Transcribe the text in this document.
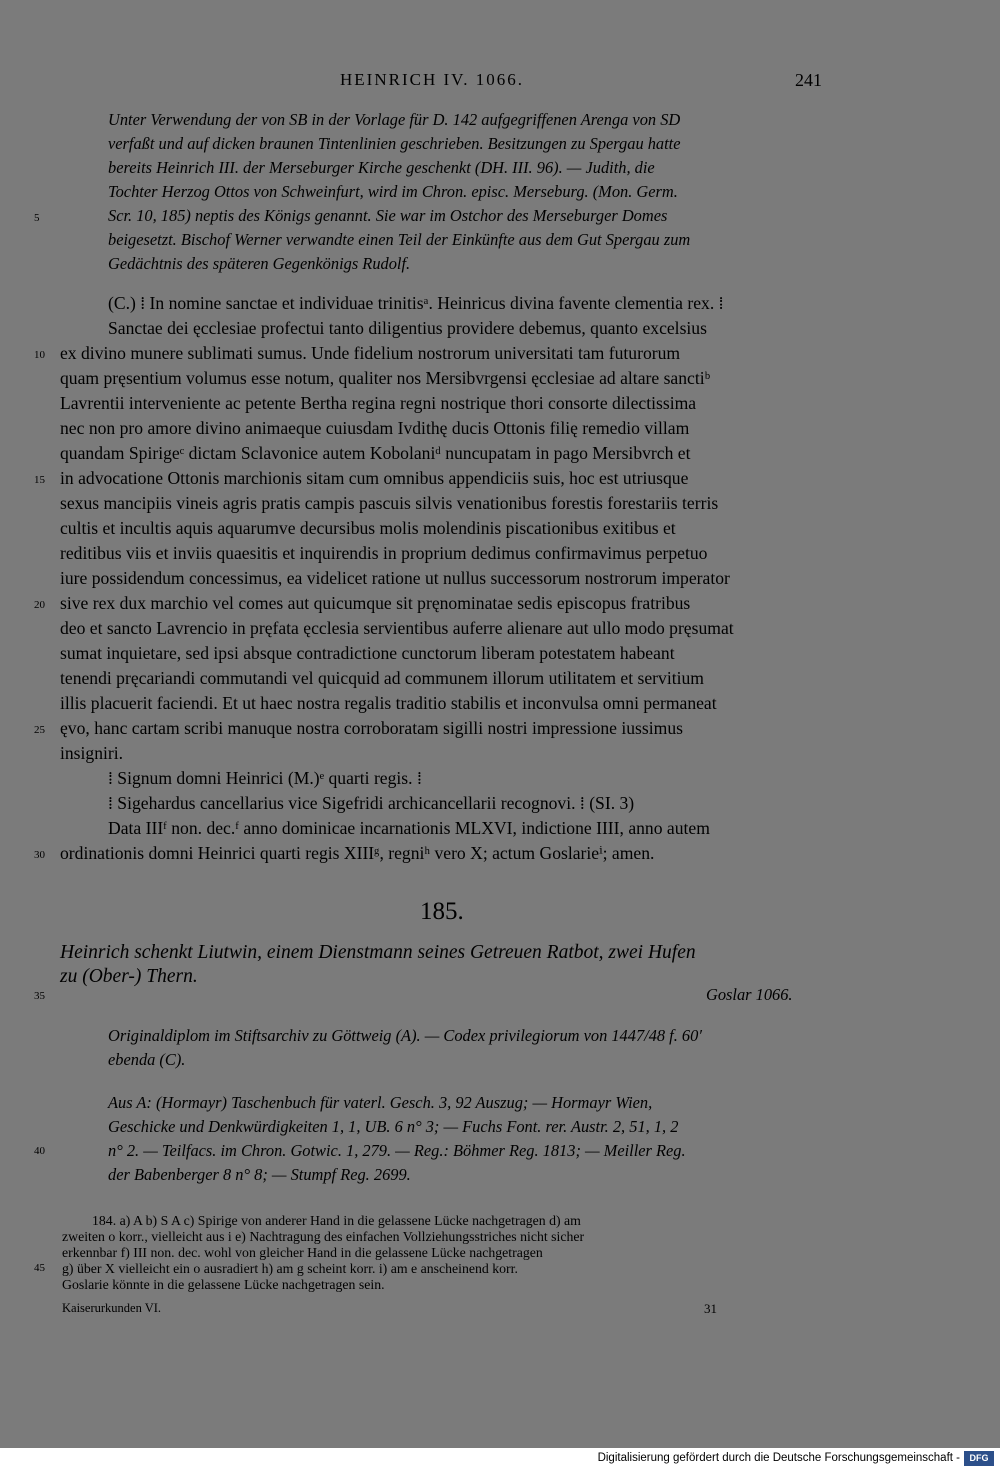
HEINRICH IV. 1066.	241
Unter Verwendung der von SB in der Vorlage für D. 142 aufgegriffenen Arenga von SD
verfaßt und auf dicken braunen Tintenlinien geschrieben. Besitzungen zu Spergau hatte
bereits Heinrich III. der Merseburger Kirche geschenkt (DH. III. 96). — Judith, die
Tochter Herzog Ottos von Schweinfurt, wird im Chron. episc. Merseburg. (Mon. Germ.
Scr. 10, 185) neptis des Königs genannt. Sie war im Ostchor des Merseburger Domes
beigesetzt. Bischof Werner verwandte einen Teil der Einkünfte aus dem Gut Spergau zum
Gedächtnis des späteren Gegenkönigs Rudolf.
(C.) ⁞ In nomine sanctae et individuae trinitisᵃ. Heinricus divina favente clementia rex. ⁞
Sanctae dei ęcclesiae profectui tanto diligentius providere debemus, quanto excelsius
ex divino munere sublimati sumus. Unde fidelium nostrorum universitati tam futurorum
quam pręsentium volumus esse notum, qualiter nos Mersibvrgensi ęcclesiae ad altare sanctiᵇ
Lavrentii interveniente ac petente Bertha regina regni nostrique thori consorte dilectissima
nec non pro amore divino animaeque cuiusdam Ivdithę ducis Ottonis filię remedio villam
quandam Spirigeᶜ dictam Sclavonice autem Kobolaniᵈ nuncupatam in pago Mersibvrch et
in advocatione Ottonis marchionis sitam cum omnibus appendiciis suis, hoc est utriusque
sexus mancipiis vineis agris pratis campis pascuis silvis venationibus forestis forestariis terris
cultis et incultis aquis aquarumve decursibus molis molendinis piscationibus exitibus et
reditibus viis et inviis quaesitis et inquirendis in proprium dedimus confirmavimus perpetuo
iure possidendum concessimus, ea videlicet ratione ut nullus successorum nostrorum imperator
sive rex dux marchio vel comes aut quicumque sit pręnominatae sedis episcopus fratribus
deo et sancto Lavrencio in pręfata ęcclesia servientibus auferre alienare aut ullo modo pręsumat
sumat inquietare, sed ipsi absque contradictione cunctorum liberam potestatem habeant
tenendi pręcariandi commutandi vel quicquid ad communem illorum utilitatem et servitium
illis placuerit faciendi. Et ut haec nostra regalis traditio stabilis et inconvulsa omni permaneat
ęvo, hanc cartam scribi manuque nostra corroboratam sigilli nostri impressione iussimus
insigniri.
⁞ Signum domni Heinrici (M.)ᵉ quarti regis. ⁞
⁞ Sigehardus cancellarius vice Sigefridi archicancellarii recognovi. ⁞ (SI. 3)
Data IIIᶠ non. dec.ᶠ anno dominicae incarnationis MLXVI, indictione IIII, anno autem
ordinationis domni Heinrici quarti regis XIIIᵍ, regniʰ vero X; actum Goslarieⁱ; amen.
5
10
15
20
25
30
35
40
45
185.
Heinrich schenkt Liutwin, einem Dienstmann seines Getreuen Ratbot, zwei Hufen
zu (Ober-) Thern.
Goslar 1066.
Originaldiplom im Stiftsarchiv zu Göttweig (A). — Codex privilegiorum von 1447/48 f. 60′
ebenda (C).
Aus A: (Hormayr) Taschenbuch für vaterl. Gesch. 3, 92 Auszug; — Hormayr Wien,
Geschicke und Denkwürdigkeiten 1, 1, UB. 6 n° 3; — Fuchs Font. rer. Austr. 2, 51, 1, 2
n° 2. — Teilfacs. im Chron. Gotwic. 1, 279. — Reg.: Böhmer Reg. 1813; — Meiller Reg.
der Babenberger 8 n° 8; — Stumpf Reg. 2699.
184. a) A b) S A c) Spirige von anderer Hand in die gelassene Lücke nachgetragen d) am
zweiten o korr., vielleicht aus i e) Nachtragung des einfachen Vollziehungsstriches nicht sicher
erkennbar f) III non. dec. wohl von gleicher Hand in die gelassene Lücke nachgetragen
g) über X vielleicht ein o ausradiert h) am g scheint korr. i) am e anscheinend korr.
Goslarie könnte in die gelassene Lücke nachgetragen sein.
Kaiserurkunden VI.	31
Digitalisierung gefördert durch die Deutsche Forschungsgemeinschaft -	DFG
